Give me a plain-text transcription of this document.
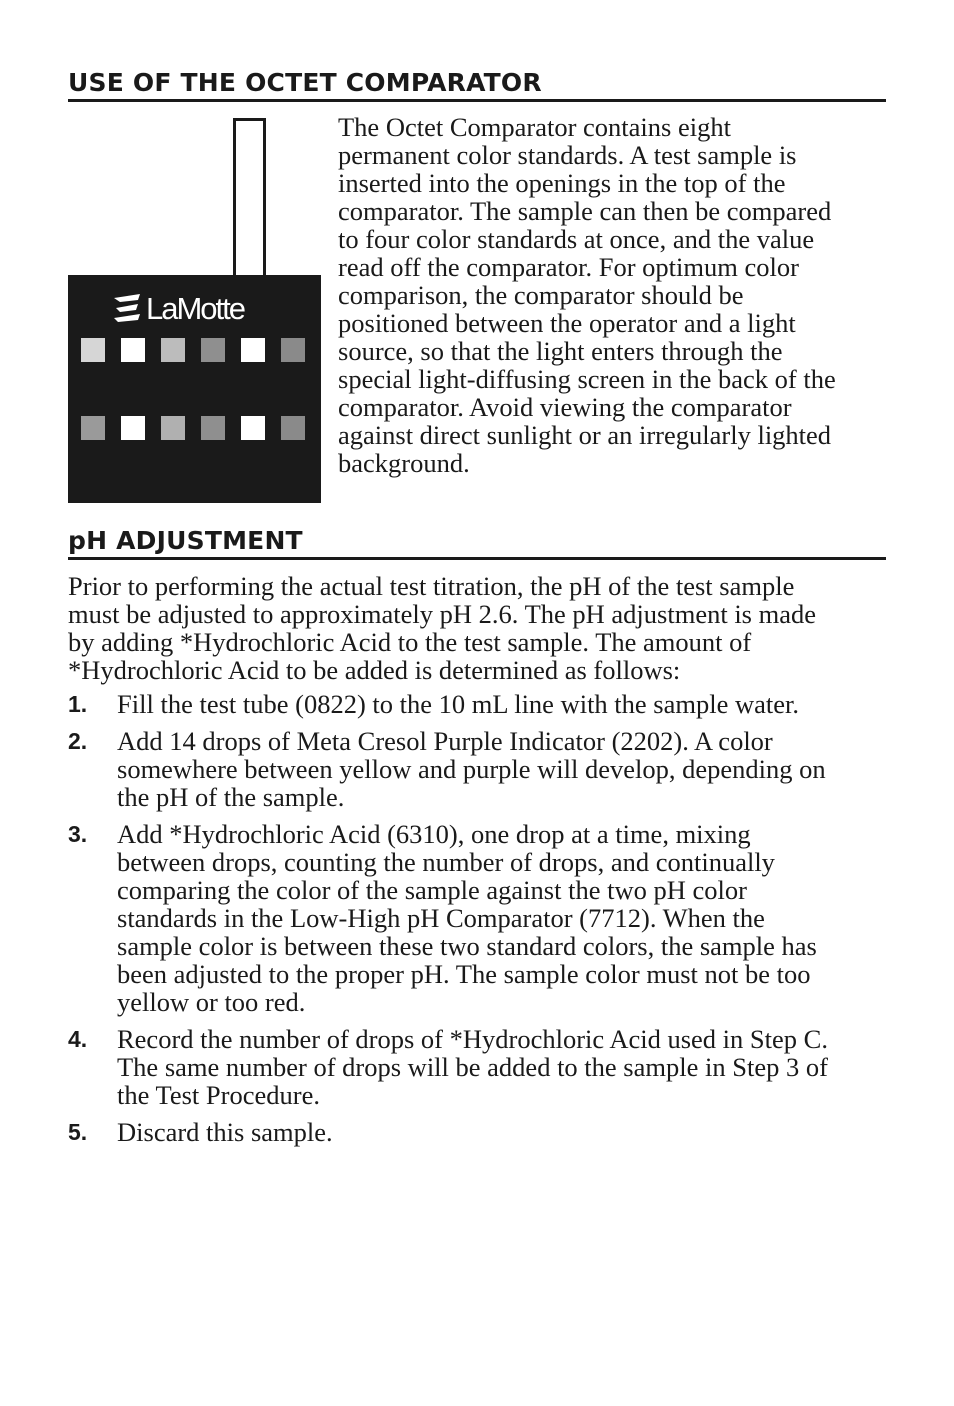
USE OF THE OCTET COMPARATOR
LaMotte

The Octet Comparator contains eight
permanent color standards. A test sample is
inserted into the openings in the top of the
comparator. The sample can then be compared
to four color standards at once, and the value
read off the comparator. For optimum color
comparison, the comparator should be
positioned between the operator and a light
source, so that the light enters through the
special light-diffusing screen in the back of the
comparator. Avoid viewing the comparator
against direct sunlight or an irregularly lighted
background.

pH ADJUSTMENT

Prior to performing the actual test titration, the pH of the test sample
must be adjusted to approximately pH 2.6. The pH adjustment is made
by adding *Hydrochloric Acid to the test sample. The amount of
*Hydrochloric Acid to be added is determined as follows:

1. Fill the test tube (0822) to the 10 mL line with the sample water.
2. Add 14 drops of Meta Cresol Purple Indicator (2202). A color
somewhere between yellow and purple will develop, depending on
the pH of the sample.
3. Add *Hydrochloric Acid (6310), one drop at a time, mixing
between drops, counting the number of drops, and continually
comparing the color of the sample against the two pH color
standards in the Low-High pH Comparator (7712). When the
sample color is between these two standard colors, the sample has
been adjusted to the proper pH. The sample color must not be too
yellow or too red.
4. Record the number of drops of *Hydrochloric Acid used in Step C.
The same number of drops will be added to the sample in Step 3 of
the Test Procedure.
5. Discard this sample.
